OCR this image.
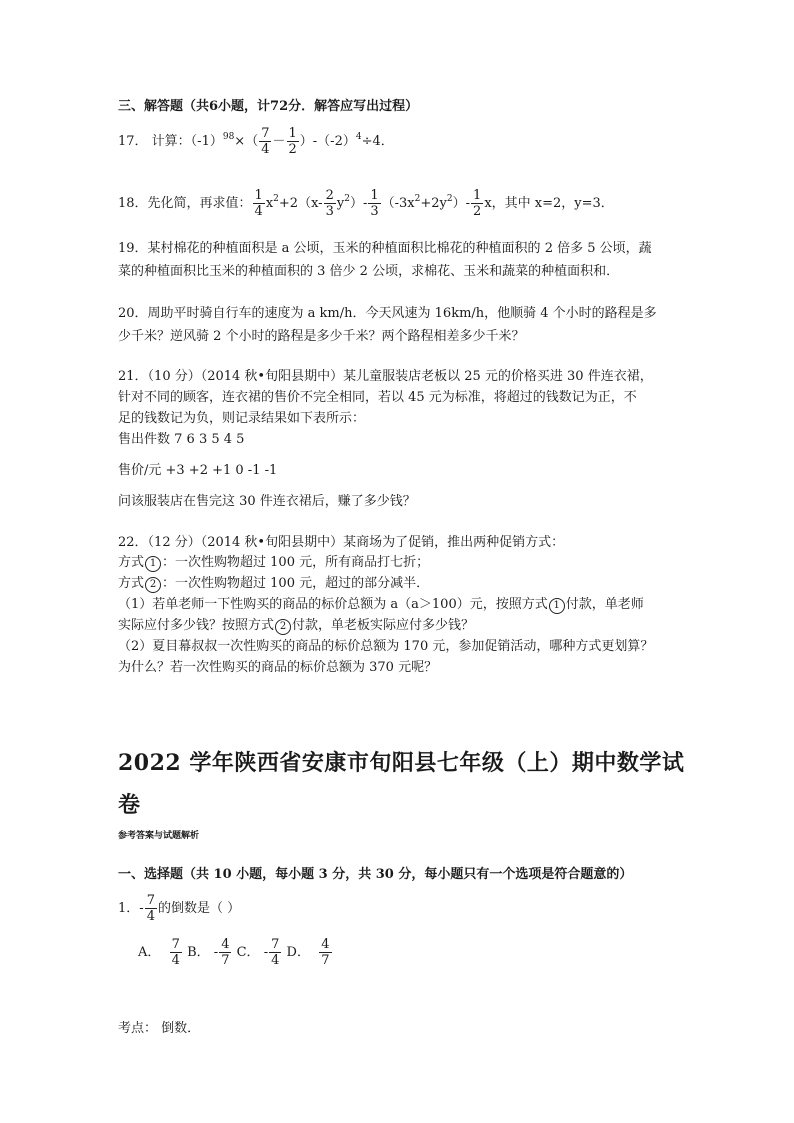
三、解答题（共6小题，计72分．解答应写出过程）
17． 计算：$(-1)^{98}\times( \frac{7}{4} - \frac{1}{2} )-(-2)^4\div 4$．
18．先化简，再求值： $\frac{1}{4} x^2+2(x- \frac{2}{3} y^2)- \frac{1}{3} (-3x^2+2y^2)- \frac{1}{2}$ x，其中 x=2，y=3．
19．某村棉花的种植面积是 a 公顷，玉米的种植面积比棉花的种植面积的 2 倍多 5 公顷，蔬
菜的种植面积比玉米的种植面积的 3 倍少 2 公顷，求棉花、玉米和蔬菜的种植面积和．
20．周助平时骑自行车的速度为 a km/h．今天风速为 16km/h，他顺骑 4 个小时的路程是多
少千米？逆风骑 2 个小时的路程是多少千米？两个路程相差多少千米？
21．（10 分）（2014 秋•旬阳县期中）某儿童服装店老板以 25 元的价格买进 30 件连衣裙，
针对不同的顾客，连衣裙的售价不完全相同，若以 45 元为标准，将超过的钱数记为正，不
足的钱数记为负，则记录结果如下表所示：
售出件数 7 6 3 5 4 5
售价/元 +3 +2 +1 0 -1 -1
问该服装店在售完这 30 件连衣裙后，赚了多少钱？
22．（12 分）（2014 秋•旬阳县期中）某商场为了促销，推出两种促销方式：
方式 1 ：一次性购物超过 100 元，所有商品打七折；
方式 2 ：一次性购物超过 100 元，超过的部分减半．
（1）若单老师一下性购买的商品的标价总额为 a（a＞100）元，按照方式 1 付款，单老师
实际应付多少钱？按照方式 2 付款，单老板实际应付多少钱？
（2）夏目幕叔叔一次性购买的商品的标价总额为 170 元，参加促销活动，哪种方式更划算？
为什么？若一次性购买的商品的标价总额为 370 元呢？
2022 学年陕西省安康市旬阳县七年级（上）期中数学试
卷
参考答案与试题解析
一、选择题（共 10 小题，每小题 3 分，共 30 分，每小题只有一个选项是符合题意的）
1．- $\frac{7}{4}$ 的倒数是（ ）
A． $\frac{7}{4}$ B． - $\frac{4}{7}$ C． - $\frac{7}{4}$ D． $\frac{4}{7}$
考点： 倒数．
